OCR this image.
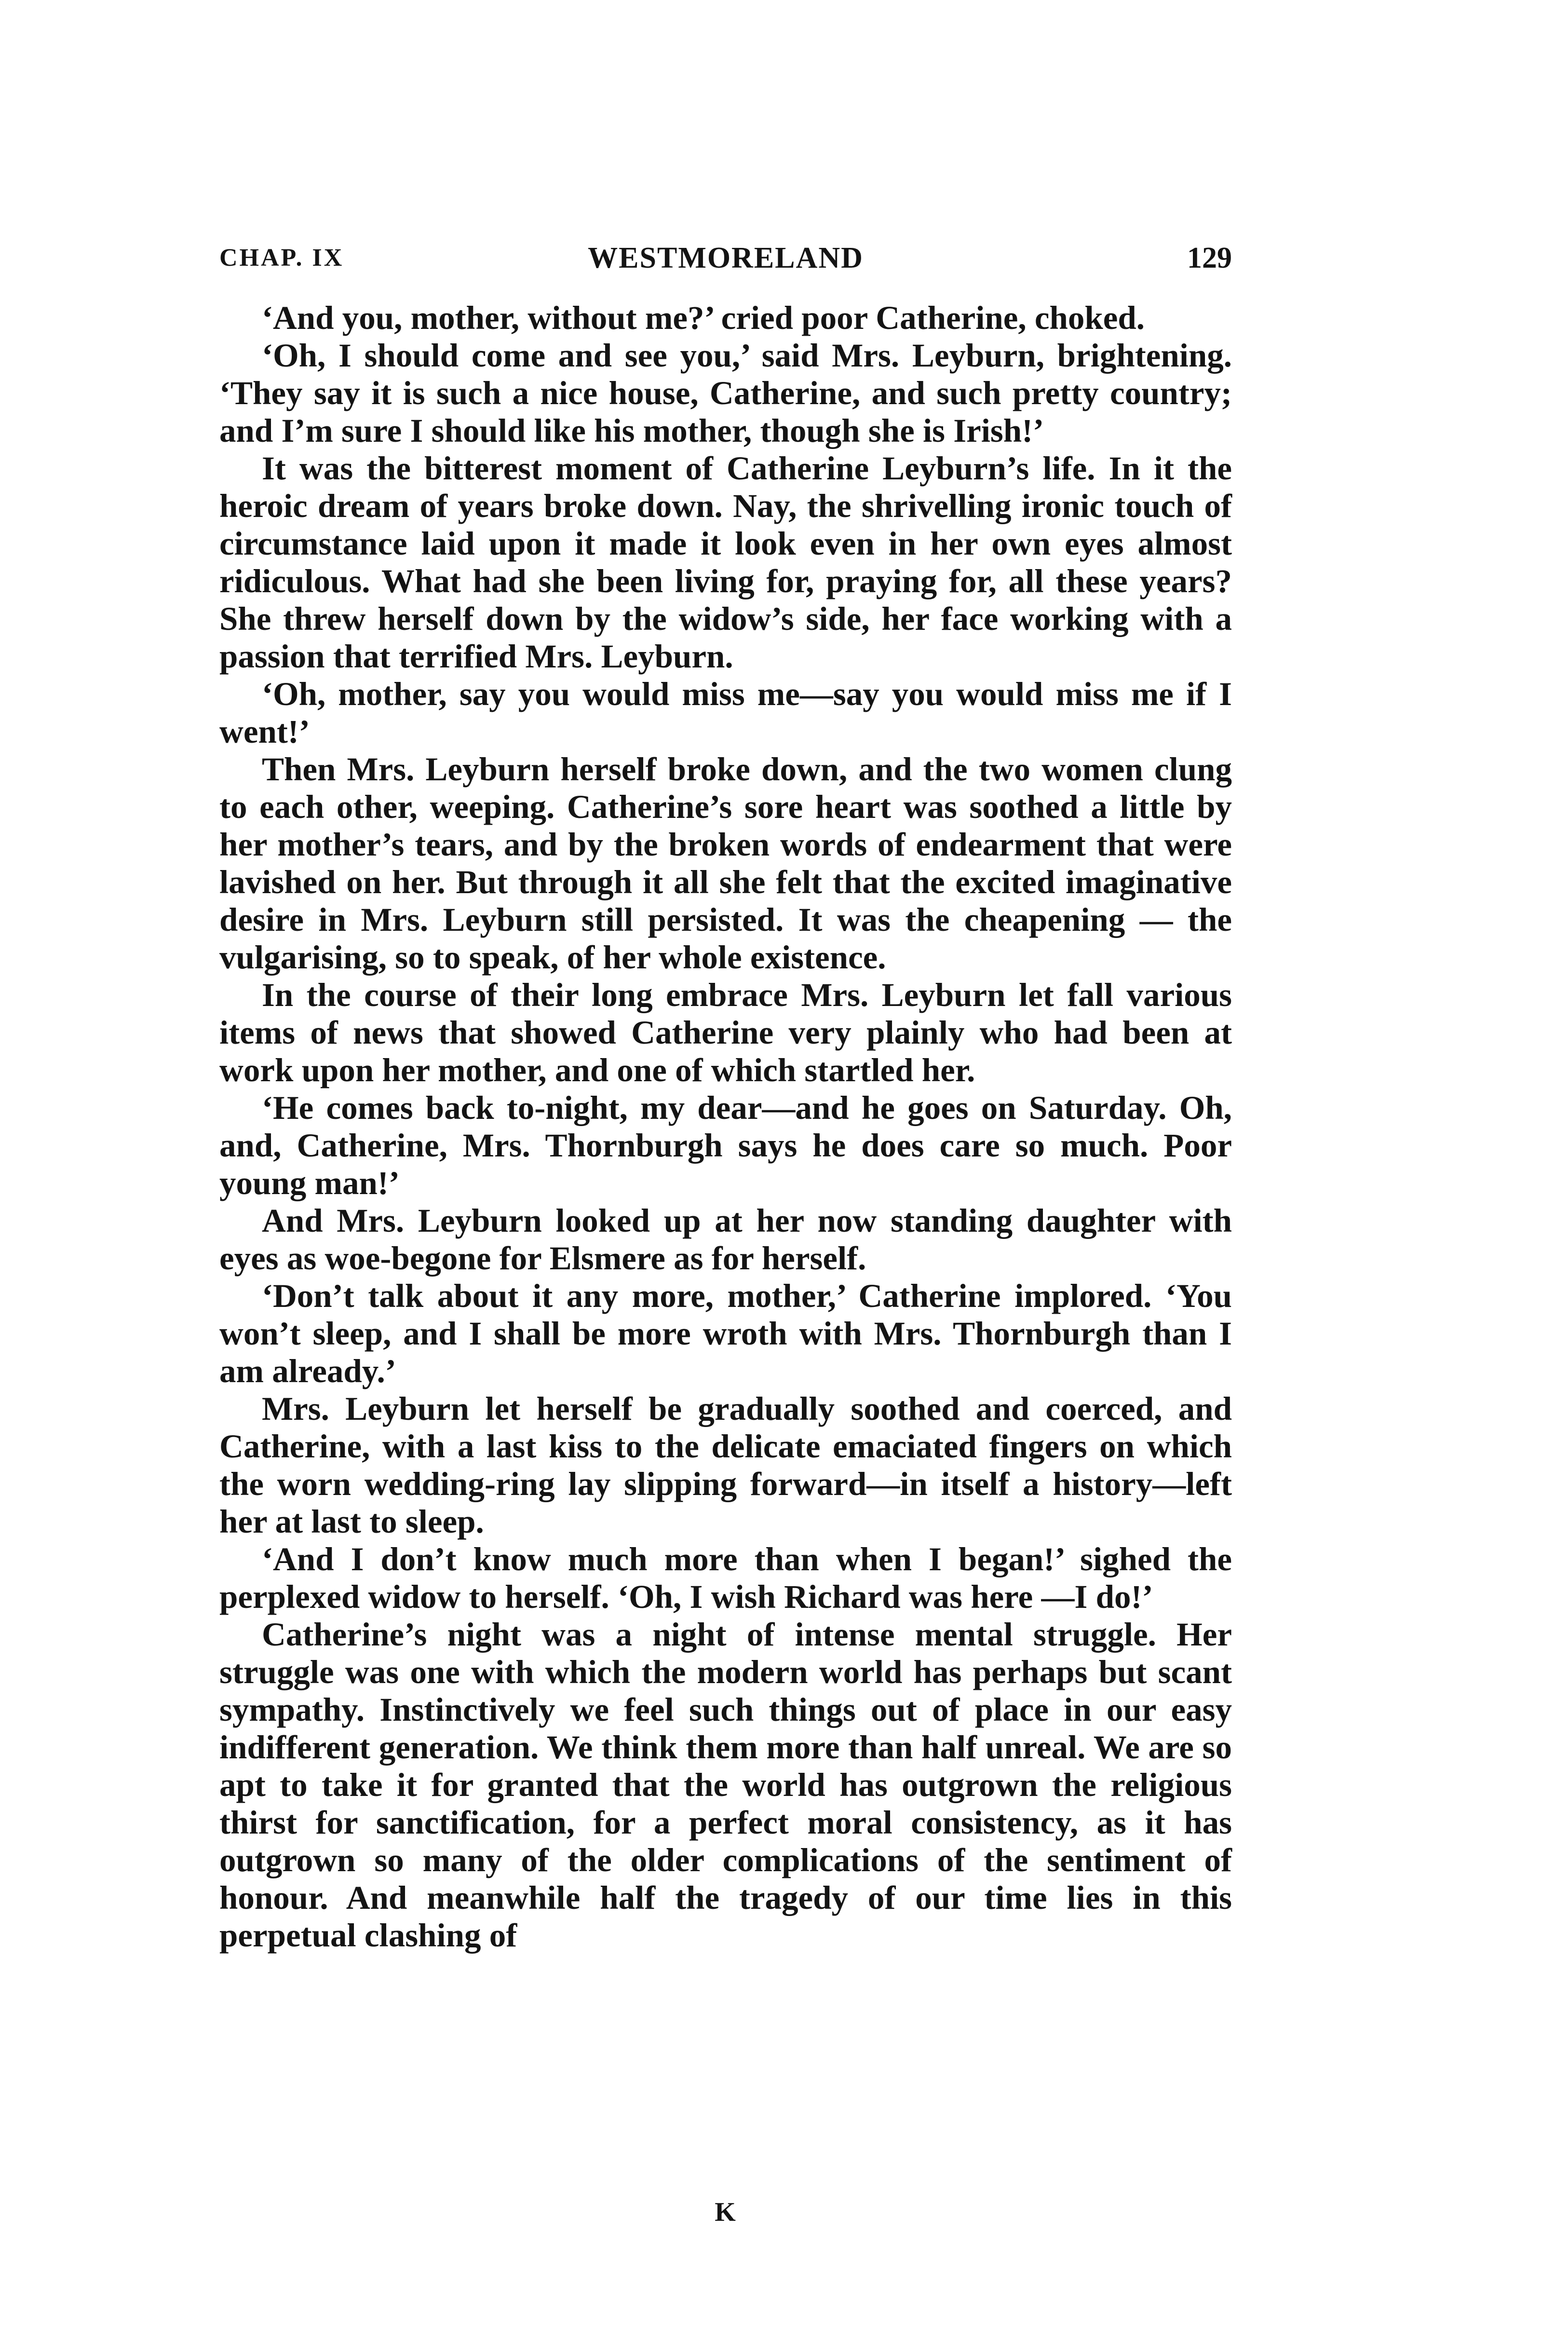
CHAP. IX	WESTMORELAND	129

‘And you, mother, without me?’ cried poor Catherine, choked.

‘Oh, I should come and see you,’ said Mrs. Leyburn, brightening. ‘They say it is such a nice house, Catherine, and such pretty country; and I’m sure I should like his mother, though she is Irish!’

It was the bitterest moment of Catherine Leyburn’s life. In it the heroic dream of years broke down. Nay, the shrivelling ironic touch of circumstance laid upon it made it look even in her own eyes almost ridiculous. What had she been living for, praying for, all these years? She threw herself down by the widow’s side, her face working with a passion that terrified Mrs. Leyburn.

‘Oh, mother, say you would miss me—say you would miss me if I went!’

Then Mrs. Leyburn herself broke down, and the two women clung to each other, weeping. Catherine’s sore heart was soothed a little by her mother’s tears, and by the broken words of endearment that were lavished on her. But through it all she felt that the excited imaginative desire in Mrs. Leyburn still persisted. It was the cheapening — the vulgarising, so to speak, of her whole existence.

In the course of their long embrace Mrs. Leyburn let fall various items of news that showed Catherine very plainly who had been at work upon her mother, and one of which startled her.

‘He comes back to-night, my dear—and he goes on Saturday. Oh, and, Catherine, Mrs. Thornburgh says he does care so much. Poor young man!’

And Mrs. Leyburn looked up at her now standing daughter with eyes as woe-begone for Elsmere as for herself.

‘Don’t talk about it any more, mother,’ Catherine implored. ‘You won’t sleep, and I shall be more wroth with Mrs. Thornburgh than I am already.’

Mrs. Leyburn let herself be gradually soothed and coerced, and Catherine, with a last kiss to the delicate emaciated fingers on which the worn wedding-ring lay slipping forward—in itself a history—left her at last to sleep.

‘And I don’t know much more than when I began!’ sighed the perplexed widow to herself. ‘Oh, I wish Richard was here —I do!’

Catherine’s night was a night of intense mental struggle. Her struggle was one with which the modern world has perhaps but scant sympathy. Instinctively we feel such things out of place in our easy indifferent generation. We think them more than half unreal. We are so apt to take it for granted that the world has outgrown the religious thirst for sanctification, for a perfect moral consistency, as it has outgrown so many of the older complications of the sentiment of honour. And meanwhile half the tragedy of our time lies in this perpetual clashing of

K
